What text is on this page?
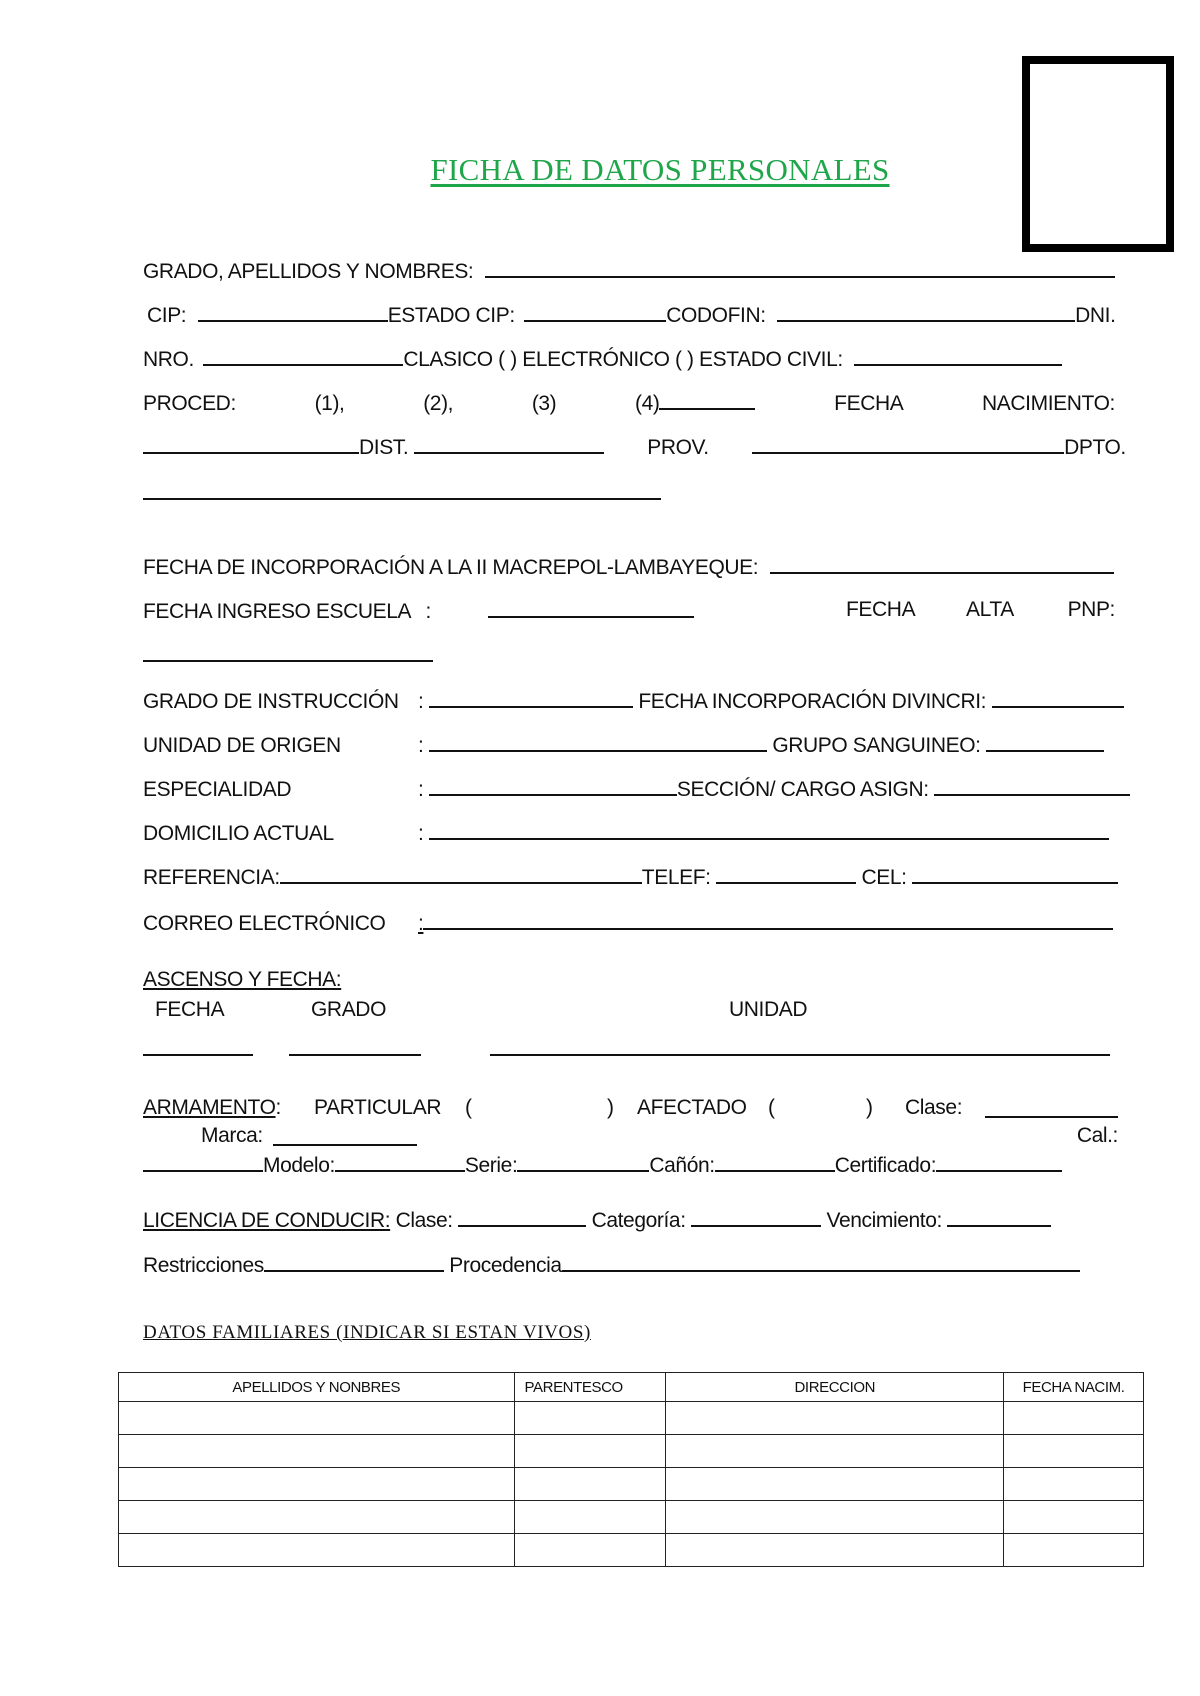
FICHA DE DATOS PERSONALES
GRADO, APELLIDOS Y NOMBRES:
CIP:	ESTADO CIP:	CODOFIN:	DNI.
NRO.	CLASICO ( ) ELECTRÓNICO ( ) ESTADO CIVIL:
PROCED:	(1),	(2),	(3)	(4)	FECHA	NACIMIENTO:
DIST.	PROV.	DPTO.
FECHA DE INCORPORACIÓN A LA II MACREPOL-LAMBAYEQUE:
FECHA INGRESO ESCUELA :	FECHA ALTA	PNP:
GRADO DE INSTRUCCIÓN :	FECHA INCORPORACIÓN DIVINCRI:
UNIDAD DE ORIGEN	:	GRUPO SANGUINEO:
ESPECIALIDAD	:	SECCIÓN/ CARGO ASIGN:
DOMICILIO ACTUAL	:
REFERENCIA:	TELEF:	CEL:
CORREO ELECTRÓNICO :
ASCENSO Y FECHA:
FECHA	GRADO	UNIDAD
ARMAMENTO: PARTICULAR (	) AFECTADO (	) Clase:
Marca:	Cal.:
Modelo:	Serie:	Cañón:	Certificado:
LICENCIA DE CONDUCIR: Clase:	Categoría:	Vencimiento:
Restricciones	Procedencia
DATOS FAMILIARES (INDICAR SI ESTAN VIVOS)
APELLIDOS Y NONBRES	PARENTESCO	DIRECCION	FECHA NACIM.
